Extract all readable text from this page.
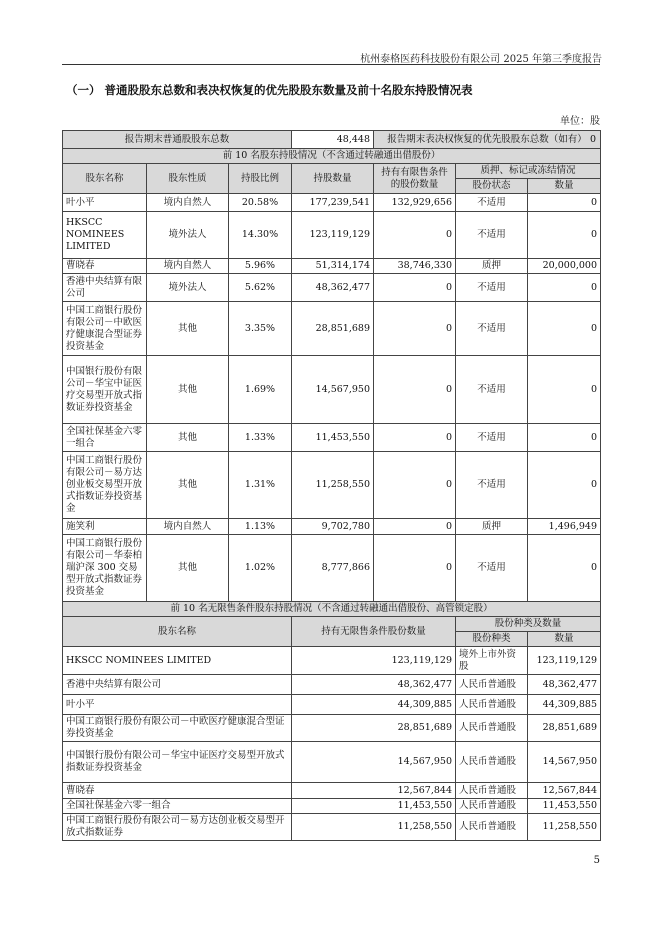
杭州泰格医药科技股份有限公司 2025 年第三季度报告
（一） 普通股股东总数和表决权恢复的优先股股东数量及前十名股东持股情况表
单位：股
报告期末普通股股东总数			48,448	报告期末表决权恢复的优先股股东总数（如有） 0		

前 10 名股东持股情况（不含通过转融通出借股份）						
股东名称	股东性质	持股比例	持股数量	持有有限售条件的股份数量	质押、标记或冻结情况	
					股份状态	数量
叶小平	境内自然人	20.58%	177,239,541	132,929,656	不适用	0
HKSCC NOMINEES LIMITED	境外法人	14.30%	123,119,129	0	不适用	0
曹晓春	境内自然人	5.96%	51,314,174	38,746,330	质押	20,000,000
香港中央结算有限公司	境外法人	5.62%	48,362,477	0	不适用	0
中国工商银行股份有限公司－中欧医疗健康混合型证券投资基金	其他	3.35%	28,851,689	0	不适用	0
中国银行股份有限公司－华宝中证医疗交易型开放式指数证券投资基金	其他	1.69%	14,567,950	0	不适用	0
全国社保基金六零一组合	其他	1.33%	11,453,550	0	不适用	0
中国工商银行股份有限公司－易方达创业板交易型开放式指数证券投资基金	其他	1.31%	11,258,550	0	不适用	0
施笑利	境内自然人	1.13%	9,702,780	0	质押	1,496,949
中国工商银行股份有限公司－华泰柏瑞沪深 300 交易型开放式指数证券投资基金	其他	1.02%	8,777,866	0	不适用	0
前 10 名无限售条件股东持股情况（不含通过转融通出借股份、高管锁定股）						
股东名称			持有无限售条件股份数量		股份种类及数量	
					股份种类	数量
HKSCC NOMINEES LIMITED			123,119,129		境外上市外资股	123,119,129
香港中央结算有限公司			48,362,477		人民币普通股	48,362,477
叶小平			44,309,885		人民币普通股	44,309,885
中国工商银行股份有限公司－中欧医疗健康混合型证券投资基金			28,851,689		人民币普通股	28,851,689
中国银行股份有限公司－华宝中证医疗交易型开放式指数证券投资基金			14,567,950		人民币普通股	14,567,950
曹晓春			12,567,844		人民币普通股	12,567,844
全国社保基金六零一组合			11,453,550		人民币普通股	11,453,550
中国工商银行股份有限公司－易方达创业板交易型开放式指数证券			11,258,550		人民币普通股	11,258,550
5
